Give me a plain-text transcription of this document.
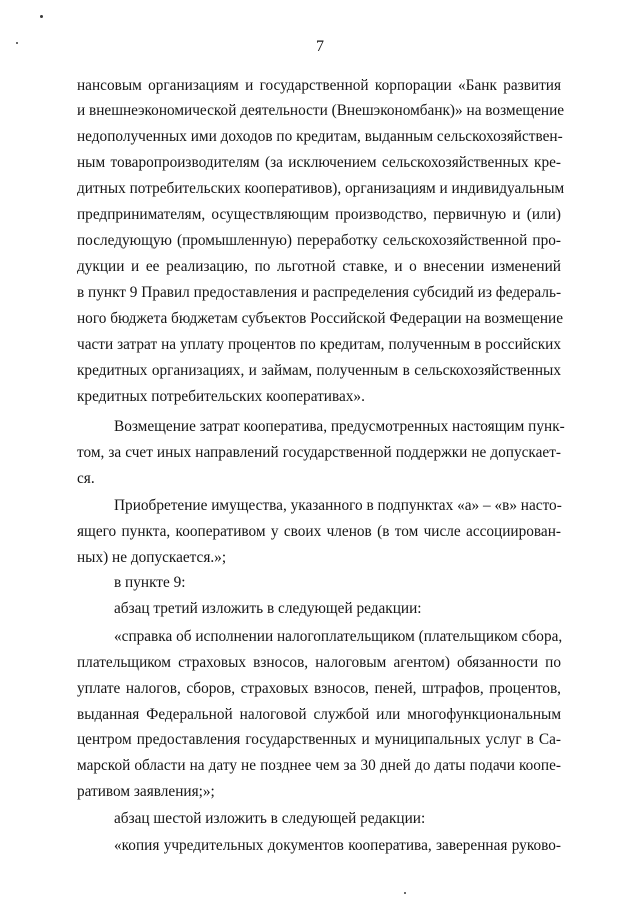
7
нансовым организациям и государственной корпорации «Банк развития
и внешнеэкономической деятельности (Внешэкономбанк)» на возмещение
недополученных ими доходов по кредитам, выданным сельскохозяйствен-
ным товаропроизводителям (за исключением сельскохозяйственных кре-
дитных потребительских кооперативов), организациям и индивидуальным
предпринимателям, осуществляющим производство, первичную и (или)
последующую (промышленную) переработку сельскохозяйственной про-
дукции и ее реализацию, по льготной ставке, и о внесении изменений
в пункт 9 Правил предоставления и распределения субсидий из федераль-
ного бюджета бюджетам субъектов Российской Федерации на возмещение
части затрат на уплату процентов по кредитам, полученным в российских
кредитных организациях, и займам, полученным в сельскохозяйственных
кредитных потребительских кооперативах».
Возмещение затрат кооператива, предусмотренных настоящим пунк-
том, за счет иных направлений государственной поддержки не допускает-
ся.
Приобретение имущества, указанного в подпунктах «а» – «в» насто-
ящего пункта, кооперативом у своих членов (в том числе ассоциирован-
ных) не допускается.»;
в пункте 9:
абзац третий изложить в следующей редакции:
«справка об исполнении налогоплательщиком (плательщиком сбора,
плательщиком страховых взносов, налоговым агентом) обязанности по
уплате налогов, сборов, страховых взносов, пеней, штрафов, процентов,
выданная Федеральной налоговой службой или многофункциональным
центром предоставления государственных и муниципальных услуг в Са-
марской области на дату не позднее чем за 30 дней до даты подачи коопе-
ративом заявления;»;
абзац шестой изложить в следующей редакции:
«копия учредительных документов кооператива, заверенная руково-
